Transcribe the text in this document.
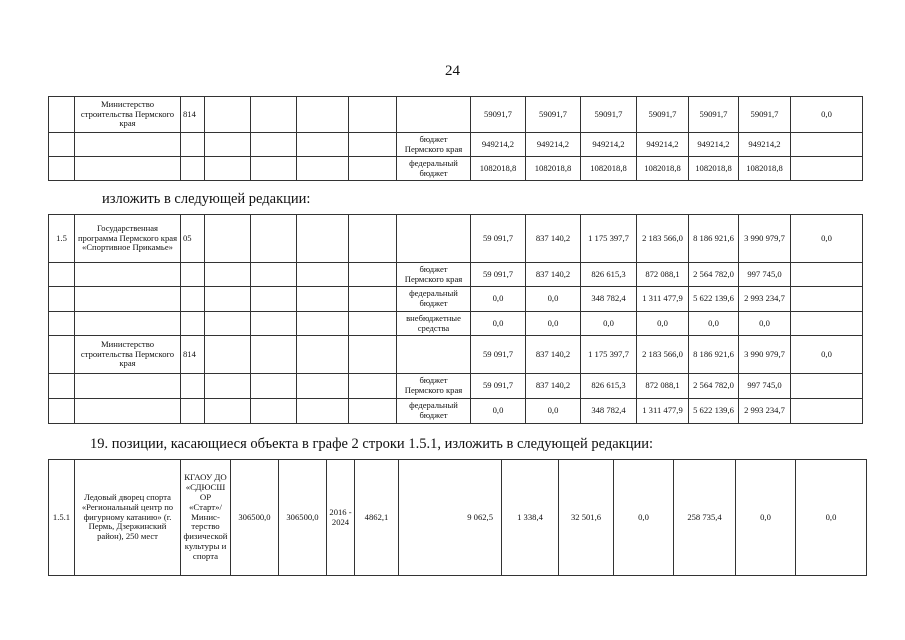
24
	Министерство строительства Пермского края	814						59091,7	59091,7	59091,7	59091,7	59091,7	59091,7	0,0
							бюджет Пермского края	949214,2	949214,2	949214,2	949214,2	949214,2	949214,2	
							федеральный бюджет	1082018,8	1082018,8	1082018,8	1082018,8	1082018,8	1082018,8	
изложить в следующей редакции:
1.5	Государственная программа Пермского края «Спортивное Прикамье»	05						59 091,7	837 140,2	1 175 397,7	2 183 566,0	8 186 921,6	3 990 979,7	0,0
							бюджет Пермского края	59 091,7	837 140,2	826 615,3	872 088,1	2 564 782,0	997 745,0	
							федеральный бюджет	0,0	0,0	348 782,4	1 311 477,9	5 622 139,6	2 993 234,7	
							внебюджетные средства	0,0	0,0	0,0	0,0	0,0	0,0	
	Министерство строительства Пермского края	814						59 091,7	837 140,2	1 175 397,7	2 183 566,0	8 186 921,6	3 990 979,7	0,0
							бюджет Пермского края	59 091,7	837 140,2	826 615,3	872 088,1	2 564 782,0	997 745,0	
							федеральный бюджет	0,0	0,0	348 782,4	1 311 477,9	5 622 139,6	2 993 234,7	
19. позиции, касающиеся объекта в графе 2 строки 1.5.1, изложить в следующей редакции:
1.5.1	Ледовый дворец спорта «Региональный центр по фигурному катанию» (г. Пермь, Дзержинский район), 250 мест	КГАОУ ДО «СДЮСШ ОР «Старт»/ Минис-терство физической культуры и спорта	306500,0	306500,0	2016 - 2024	4862,1	9 062,5	1 338,4	32 501,6	0,0	258 735,4	0,0	0,0
